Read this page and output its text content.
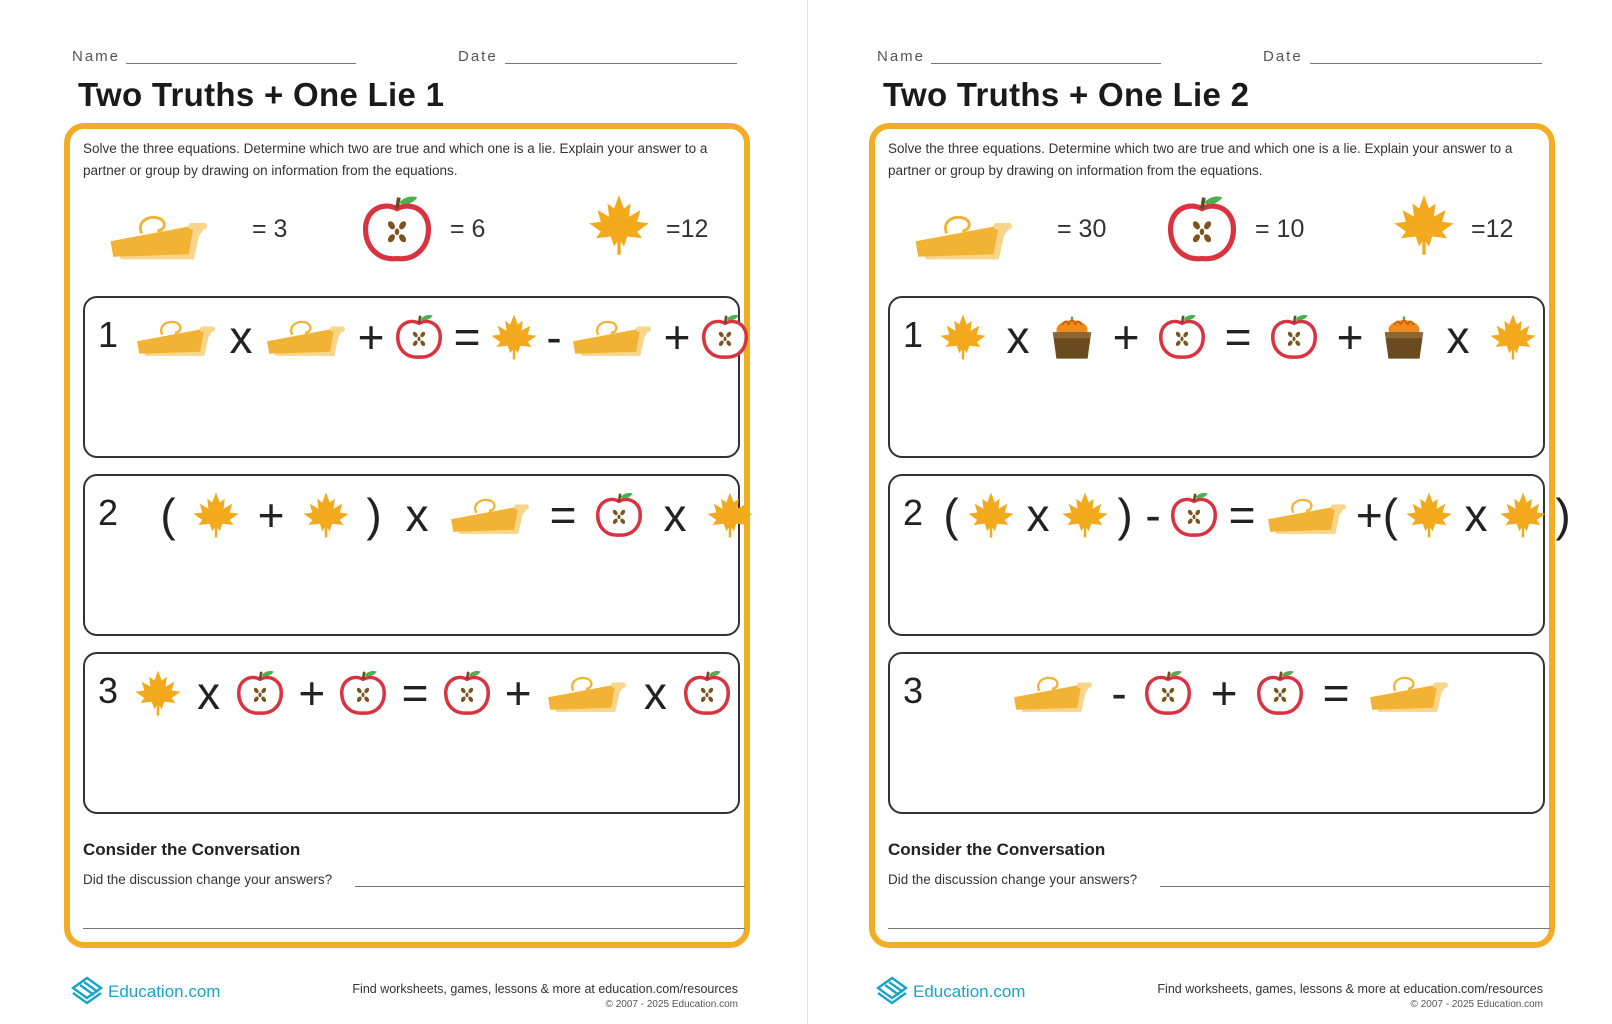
Name	Date
Two Truths + One Lie 1
Solve the three equations. Determine which two are true and which one is a lie. Explain your answer to a partner or group by drawing on information from the equations.
= 3	= 6	=12
1 x + = - +
2 ( + ) x	= x
3 x + = + x
Consider the Conversation
Did the discussion change your answers?
Education.com	Find worksheets, games, lessons & more at education.com/resources
© 2007 - 2025 Education.com
Name	Date
Two Truths + One Lie 2
Solve the three equations. Determine which two are true and which one is a lie. Explain your answer to a partner or group by drawing on information from the equations.
= 30	= 10	=12
1 x + = + x
2 ( x ) - = +( x )
3	- + =
Consider the Conversation
Did the discussion change your answers?
Education.com	Find worksheets, games, lessons & more at education.com/resources
© 2007 - 2025 Education.com
